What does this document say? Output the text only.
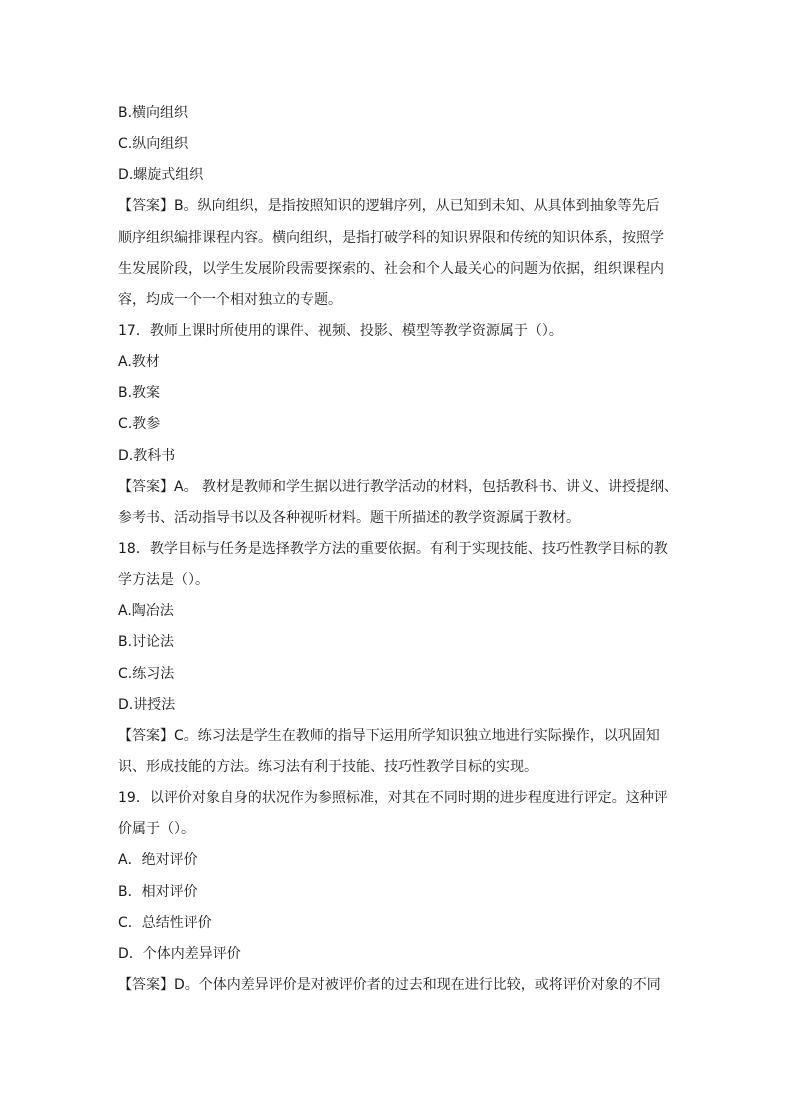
B.横向组织
C.纵向组织
D.螺旋式组织
【答案】B。纵向组织，是指按照知识的逻辑序列，从已知到未知、从具体到抽象等先后
顺序组织编排课程内容。横向组织，是指打破学科的知识界限和传统的知识体系，按照学
生发展阶段，以学生发展阶段需要探索的、社会和个人最关心的问题为依据，组织课程内
容，均成一个一个相对独立的专题。
17．教师上课时所使用的课件、视频、投影、模型等教学资源属于（）。
A.教材
B.教案
C.教参
D.教科书
【答案】A。 教材是教师和学生据以进行教学活动的材料，包括教科书、讲义、讲授提纲、
参考书、活动指导书以及各种视听材料。题干所描述的教学资源属于教材。
18．教学目标与任务是选择教学方法的重要依据。有利于实现技能、技巧性教学目标的教
学方法是（）。
A.陶冶法
B.讨论法
C.练习法
D.讲授法
【答案】C。练习法是学生在教师的指导下运用所学知识独立地进行实际操作，以巩固知
识、形成技能的方法。练习法有利于技能、技巧性教学目标的实现。
19．以评价对象自身的状况作为参照标准，对其在不同时期的进步程度进行评定。这种评
价属于（）。
A．绝对评价
B．相对评价
C．总结性评价
D．个体内差异评价
【答案】D。个体内差异评价是对被评价者的过去和现在进行比较，或将评价对象的不同
